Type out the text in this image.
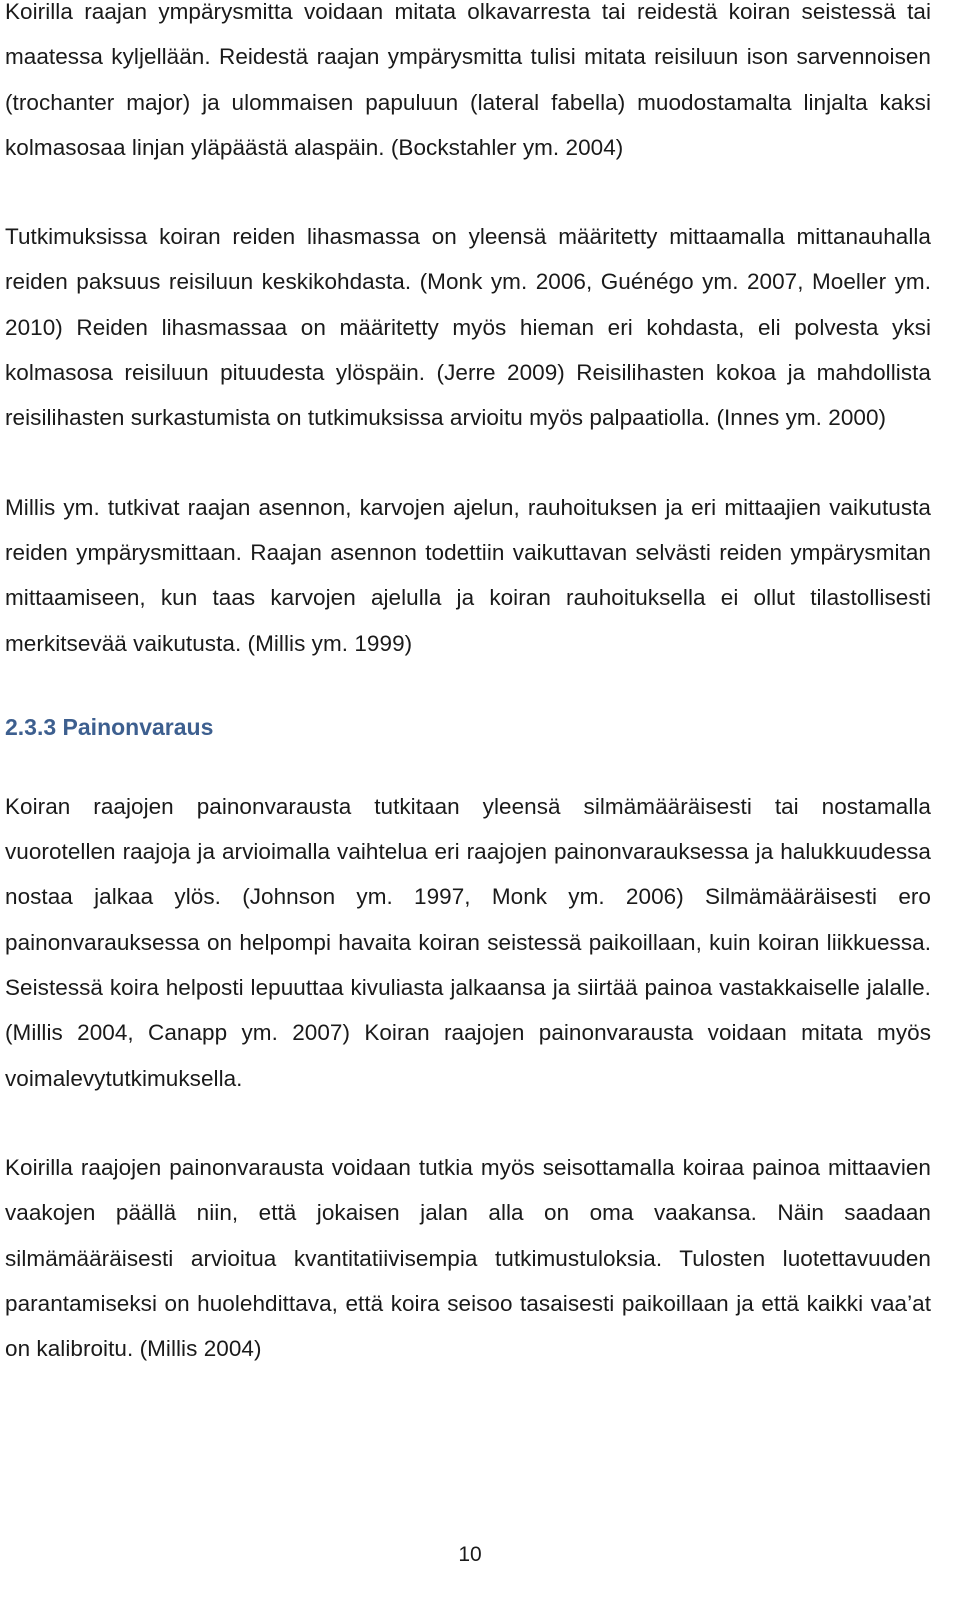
Koirilla raajan ympärysmitta voidaan mitata olkavarresta tai reidestä koiran seistessä tai maatessa kyljellään. Reidestä raajan ympärysmitta tulisi mitata reisiluun ison sarvennoisen (trochanter major) ja ulommaisen papuluun (lateral fabella) muodostamalta linjalta kaksi kolmasosaa linjan yläpäästä alaspäin. (Bockstahler ym. 2004)

Tutkimuksissa koiran reiden lihasmassa on yleensä määritetty mittaamalla mittanauhalla reiden paksuus reisiluun keskikohdasta. (Monk ym. 2006, Guénégo ym. 2007, Moeller ym. 2010) Reiden lihasmassaa on määritetty myös hieman eri kohdasta, eli polvesta yksi kolmasosa reisiluun pituudesta ylöspäin. (Jerre 2009) Reisilihasten kokoa ja mahdollista reisilihasten surkastumista on tutkimuksissa arvioitu myös palpaatiolla. (Innes ym. 2000)

Millis ym. tutkivat raajan asennon, karvojen ajelun, rauhoituksen ja eri mittaajien vaikutusta reiden ympärysmittaan. Raajan asennon todettiin vaikuttavan selvästi reiden ympärysmitan mittaamiseen, kun taas karvojen ajelulla ja koiran rauhoituksella ei ollut tilastollisesti merkitsevää vaikutusta. (Millis ym. 1999)

2.3.3 Painonvaraus

Koiran raajojen painonvarausta tutkitaan yleensä silmämääräisesti tai nostamalla vuorotellen raajoja ja arvioimalla vaihtelua eri raajojen painonvarauksessa ja halukkuudessa nostaa jalkaa ylös. (Johnson ym. 1997, Monk ym. 2006) Silmämääräisesti ero painonvarauksessa on helpompi havaita koiran seistessä paikoillaan, kuin koiran liikkuessa. Seistessä koira helposti lepuuttaa kivuliasta jalkaansa ja siirtää painoa vastakkaiselle jalalle. (Millis 2004, Canapp ym. 2007) Koiran raajojen painonvarausta voidaan mitata myös voimalevytutkimuksella.

Koirilla raajojen painonvarausta voidaan tutkia myös seisottamalla koiraa painoa mittaavien vaakojen päällä niin, että jokaisen jalan alla on oma vaakansa. Näin saadaan silmämääräisesti arvioitua kvantitatiivisempia tutkimustuloksia. Tulosten luotettavuuden parantamiseksi on huolehdittava, että koira seisoo tasaisesti paikoillaan ja että kaikki vaa’at on kalibroitu. (Millis 2004)

10
